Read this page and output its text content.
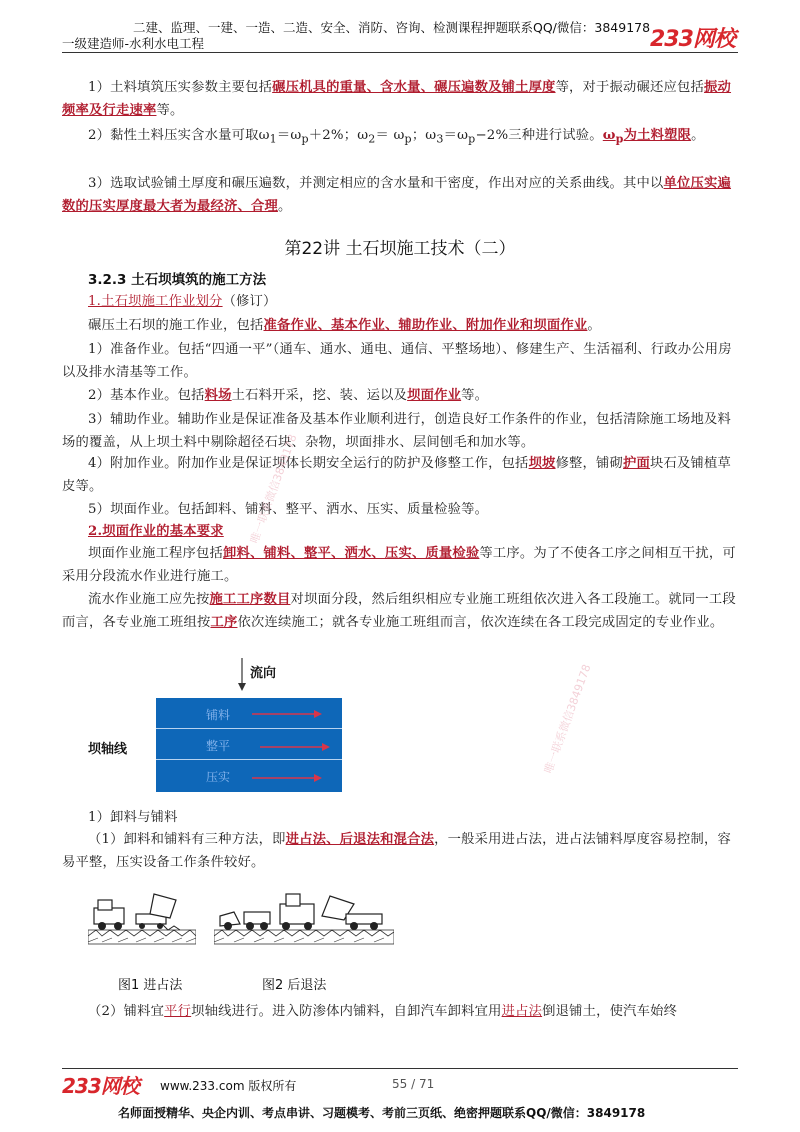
二建、监理、一建、一造、二造、安全、消防、咨询、检测课程押题联系QQ/微信：3849178
一级建造师-水利水电工程	233网校
1）土料填筑压实参数主要包括碾压机具的重量、含水量、碾压遍数及铺土厚度等，对于振动碾还应包括振动频率及行走速率等。
2）黏性土料压实含水量可取$\omega_1=\omega_p+2\%$；$\omega_2= \omega_p$；$\omega_3=\omega_p-2\%$三种进行试验。$\omega_p$为土料塑限。
3）选取试验铺土厚度和碾压遍数，并测定相应的含水量和干密度，作出对应的关系曲线。其中以单位压实遍数的压实厚度最大者为最经济、合理。
第22讲 土石坝施工技术（二）
3.2.3 土石坝填筑的施工方法
1.土石坝施工作业划分（修订）
碾压土石坝的施工作业，包括准备作业、基本作业、辅助作业、附加作业和坝面作业。
1）准备作业。包括“四通一平”（通车、通水、通电、通信、平整场地）、修建生产、生活福利、行政办公用房以及排水清基等工作。
2）基本作业。包括料场土石料开采，挖、装、运以及坝面作业等。
3）辅助作业。辅助作业是保证准备及基本作业顺利进行，创造良好工作条件的作业，包括清除施工场地及料场的覆盖，从上坝土料中剔除超径石块、杂物，坝面排水、层间刨毛和加水等。
4）附加作业。附加作业是保证坝体长期安全运行的防护及修整工作，包括坝坡修整，铺砌护面块石及铺植草皮等。
5）坝面作业。包括卸料、铺料、整平、洒水、压实、质量检验等。
2.坝面作业的基本要求
坝面作业施工程序包括卸料、铺料、整平、洒水、压实、质量检验等工序。为了不使各工序之间相互干扰，可采用分段流水作业进行施工。
流水作业施工应先按施工工序数目对坝面分段，然后组织相应专业施工班组依次进入各工段施工。就同一工段而言，各专业施工班组按工序依次连续施工；就各专业施工班组而言，依次连续在各工段完成固定的专业作业。
流向
坝轴线
铺料
整平
压实
1）卸料与铺料
（1）卸料和铺料有三种方法，即进占法、后退法和混合法，一般采用进占法，进占法铺料厚度容易控制，容易平整，压实设备工作条件较好。
图1 进占法	图2 后退法
（2）铺料宜平行坝轴线进行。进入防渗体内铺料，自卸汽车卸料宜用进占法倒退铺土，使汽车始终
唯一联系微信3849178
唯一联系微信3849178
233网校 www.233.com 版权所有	55 / 71
名师面授精华、央企内训、考点串讲、习题模考、考前三页纸、绝密押题联系QQ/微信：3849178
